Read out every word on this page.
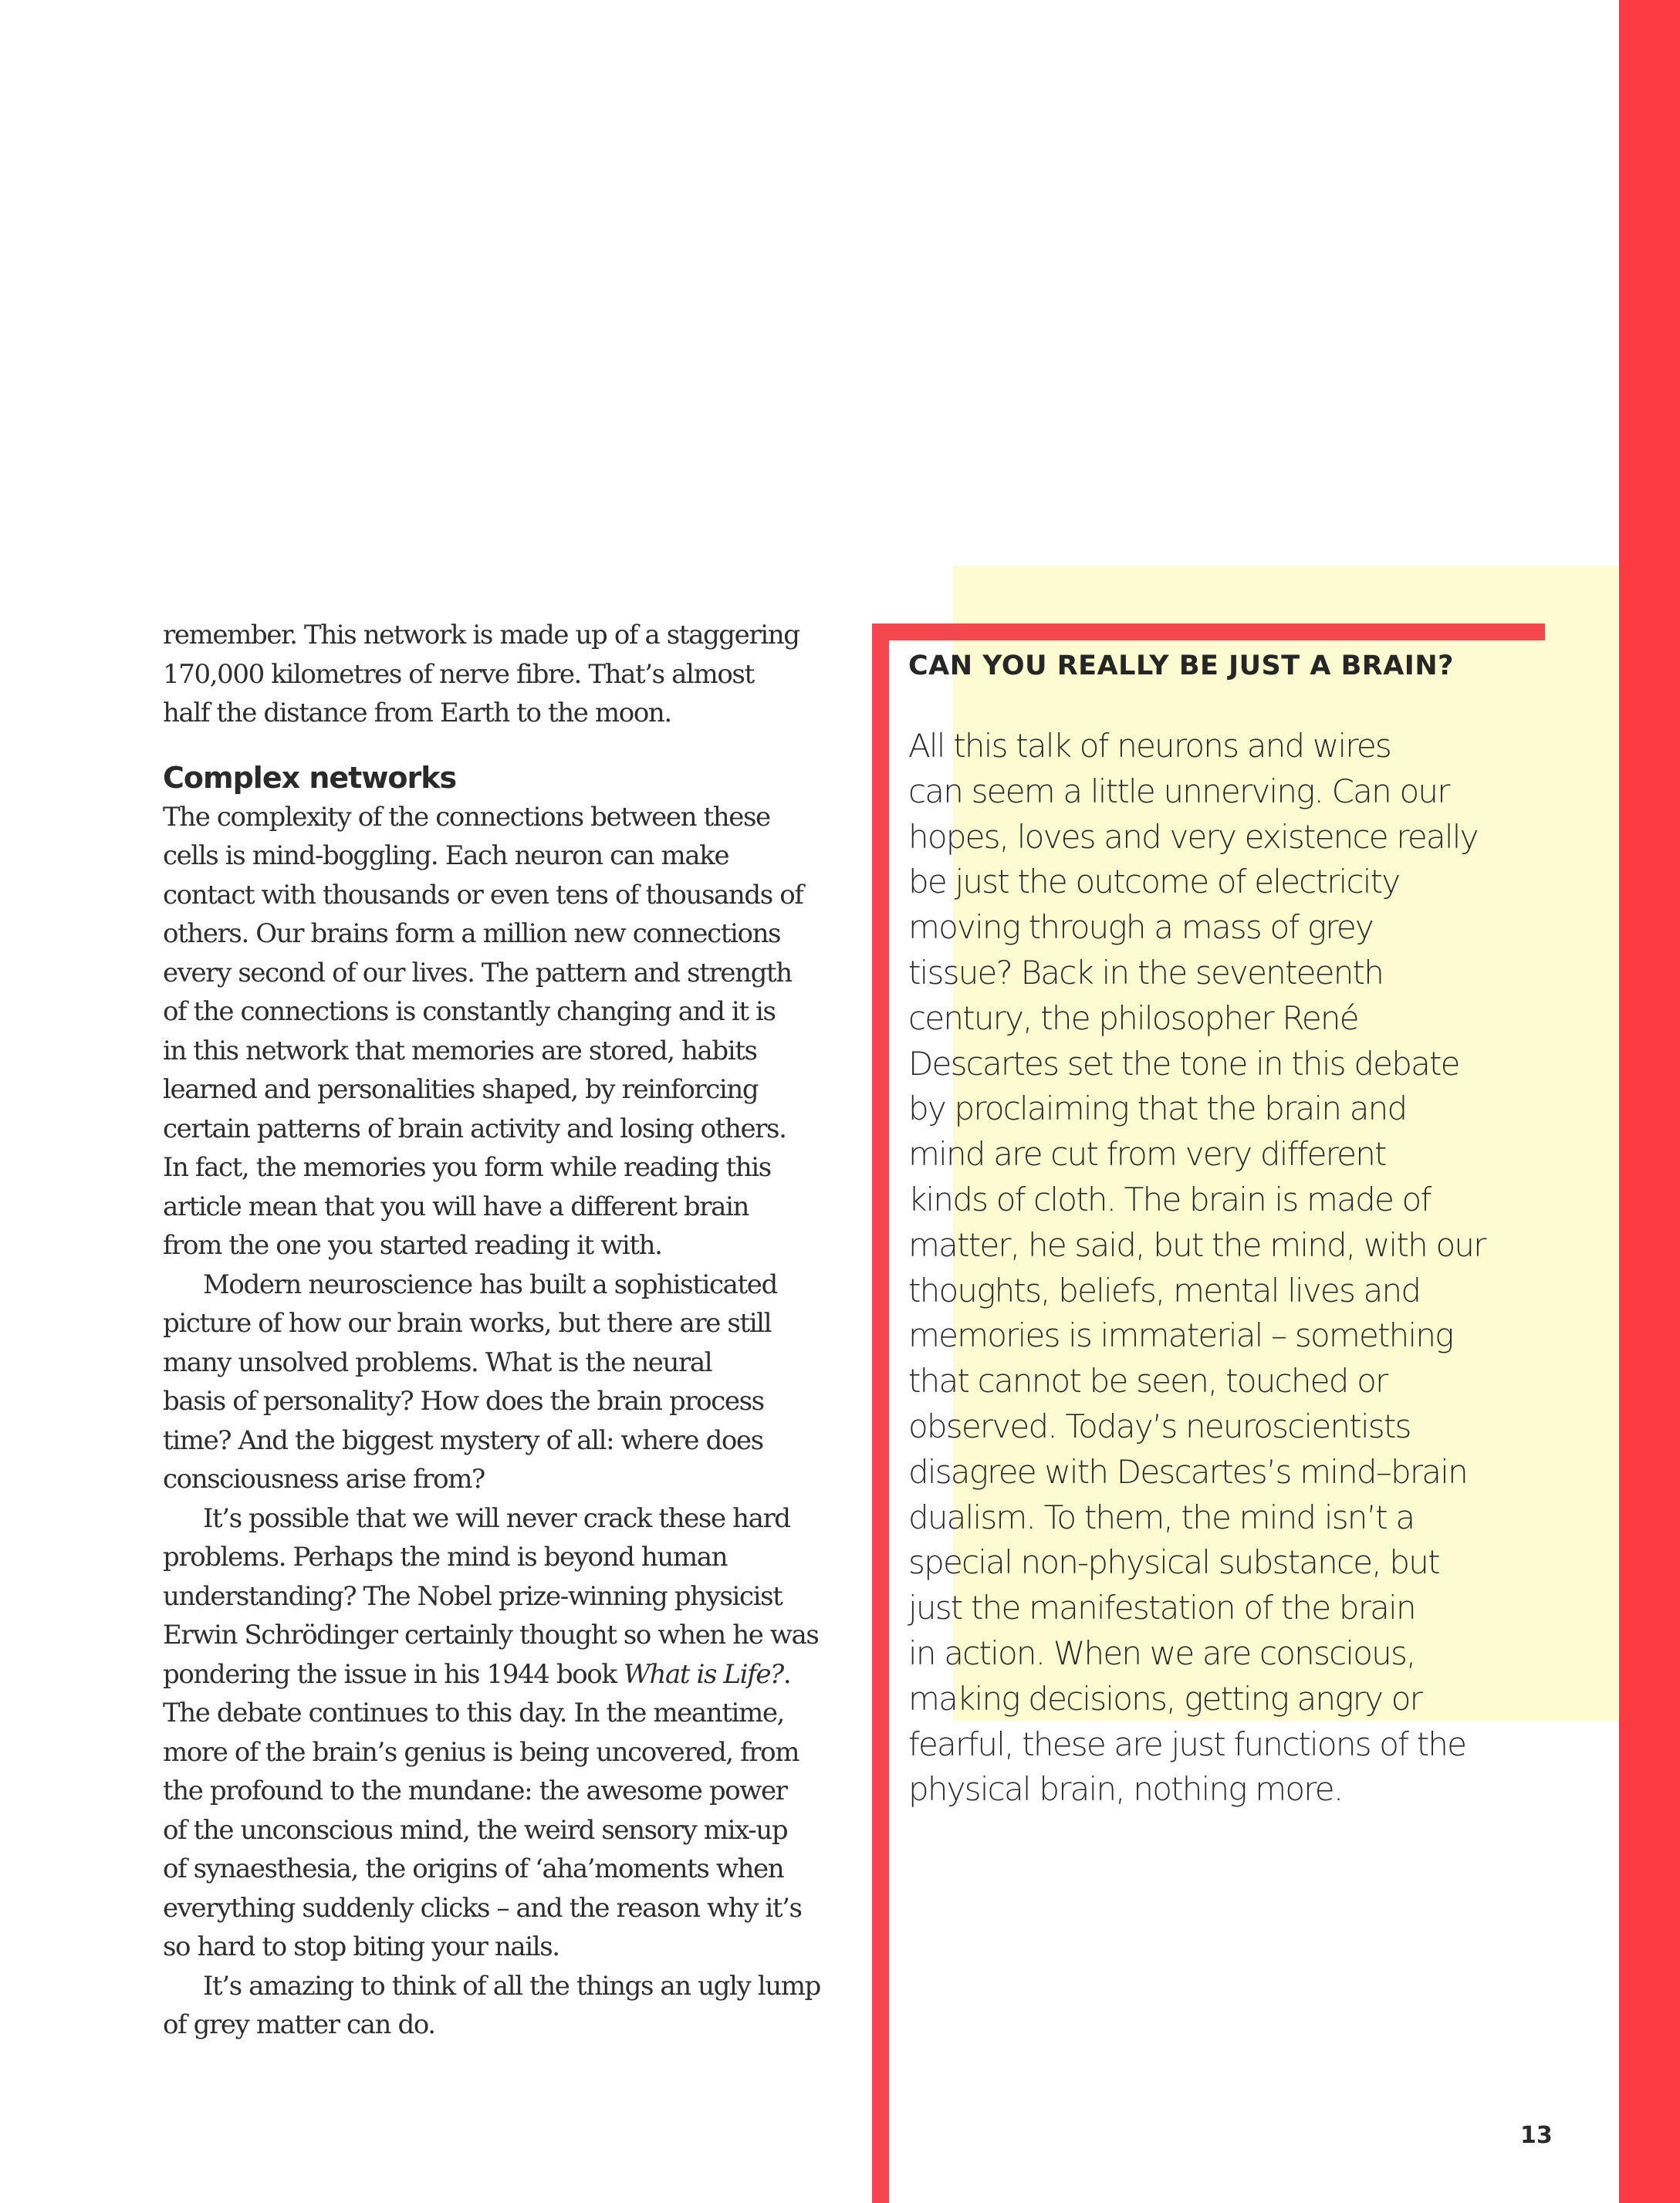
remember. This network is made up of a staggering
170,000 kilometres of nerve fibre. That’s almost
half the distance from Earth to the moon.
Complex networks
The complexity of the connections between these
cells is mind-boggling. Each neuron can make
contact with thousands or even tens of thousands of
others. Our brains form a million new connections
every second of our lives. The pattern and strength
of the connections is constantly changing and it is
in this network that memories are stored, habits
learned and personalities shaped, by reinforcing
certain patterns of brain activity and losing others.
In fact, the memories you form while reading this
article mean that you will have a different brain
from the one you started reading it with.
Modern neuroscience has built a sophisticated
picture of how our brain works, but there are still
many unsolved problems. What is the neural
basis of personality? How does the brain process
time? And the biggest mystery of all: where does
consciousness arise from?
It’s possible that we will never crack these hard
problems. Perhaps the mind is beyond human
understanding? The Nobel prize-winning physicist
Erwin Schrödinger certainly thought so when he was
pondering the issue in his 1944 book What is Life?.
The debate continues to this day. In the meantime,
more of the brain’s genius is being uncovered, from
the profound to the mundane: the awesome power
of the unconscious mind, the weird sensory mix-up
of synaesthesia, the origins of ‘aha’moments when
everything suddenly clicks – and the reason why it’s
so hard to stop biting your nails.
It’s amazing to think of all the things an ugly lump
of grey matter can do.
CAN YOU REALLY BE JUST A BRAIN?
All this talk of neurons and wires
can seem a little unnerving. Can our
hopes, loves and very existence really
be just the outcome of electricity
moving through a mass of grey
tissue? Back in the seventeenth
century, the philosopher René
Descartes set the tone in this debate
by proclaiming that the brain and
mind are cut from very different
kinds of cloth. The brain is made of
matter, he said, but the mind, with our
thoughts, beliefs, mental lives and
memories is immaterial – something
that cannot be seen, touched or
observed. Today’s neuroscientists
disagree with Descartes’s mind–brain
dualism. To them, the mind isn’t a
special non-physical substance, but
just the manifestation of the brain
in action. When we are conscious,
making decisions, getting angry or
fearful, these are just functions of the
physical brain, nothing more.
13
